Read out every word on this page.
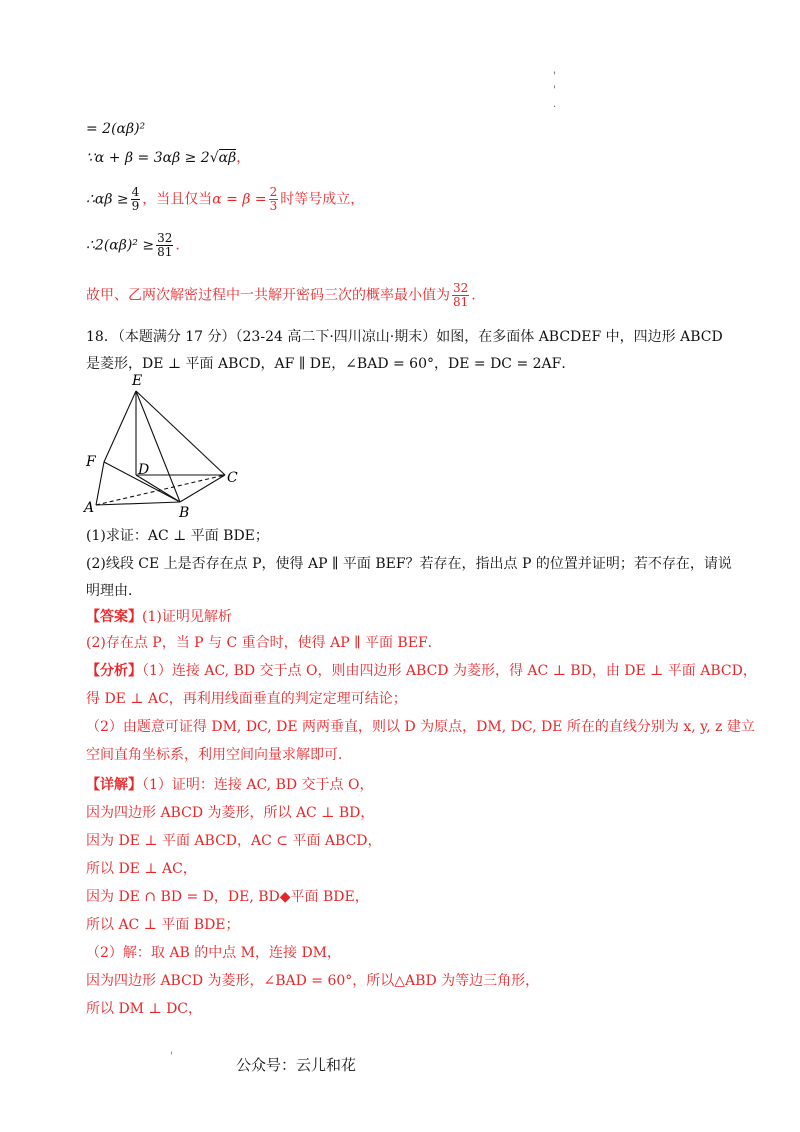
'
'
.
= 2(αβ)²
∵α + β = 3αβ ≥ 2√αβ，
∴αβ ≥ $\frac{4}{9}$ ，当且仅当$\alpha = \beta = \frac{2}{3}$ 时等号成立，
∴2(αβ)² ≥ $\frac{32}{81}$ .
故甲、乙两次解密过程中一共解开密码三次的概率最小值为 $\frac{32}{81}$ .
18．（本题满分 17 分）（23-24 高二下·四川凉山·期末）如图，在多面体 ABCDEF 中，四边形 ABCD
是菱形，DE ⊥ 平面 ABCD，AF ∥ DE，∠BAD = 60°，DE = DC = 2AF．
E
F	D	C
A	B
(1)求证：AC ⊥ 平面 BDE；
(2)线段 CE 上是否存在点 P，使得 AP ∥ 平面 BEF？若存在，指出点 P 的位置并证明；若不存在，请说
明理由．
【答案】(1)证明见解析
(2)存在点 P，当 P 与 C 重合时，使得 AP ∥ 平面 BEF．
【分析】（1）连接 AC, BD 交于点 O，则由四边形 ABCD 为菱形，得 AC ⊥ BD，由 DE ⊥ 平面 ABCD，
得 DE ⊥ AC，再利用线面垂直的判定定理可结论；
（2）由题意可证得 DM, DC, DE 两两垂直，则以 D 为原点，DM, DC, DE 所在的直线分别为 x, y, z 建立
空间直角坐标系，利用空间向量求解即可．
【详解】（1）证明：连接 AC, BD 交于点 O，
因为四边形 ABCD 为菱形，所以 AC ⊥ BD，
因为 DE ⊥ 平面 ABCD，AC ⊂ 平面 ABCD，
所以 DE ⊥ AC，
因为 DE ∩ BD = D，DE, BD◆平面 BDE，
所以 AC ⊥ 平面 BDE；
（2）解：取 AB 的中点 M，连接 DM，
因为四边形 ABCD 为菱形，∠BAD = 60°，所以△ABD 为等边三角形，
所以 DM ⊥ DC，
'	公众号：云儿和花
